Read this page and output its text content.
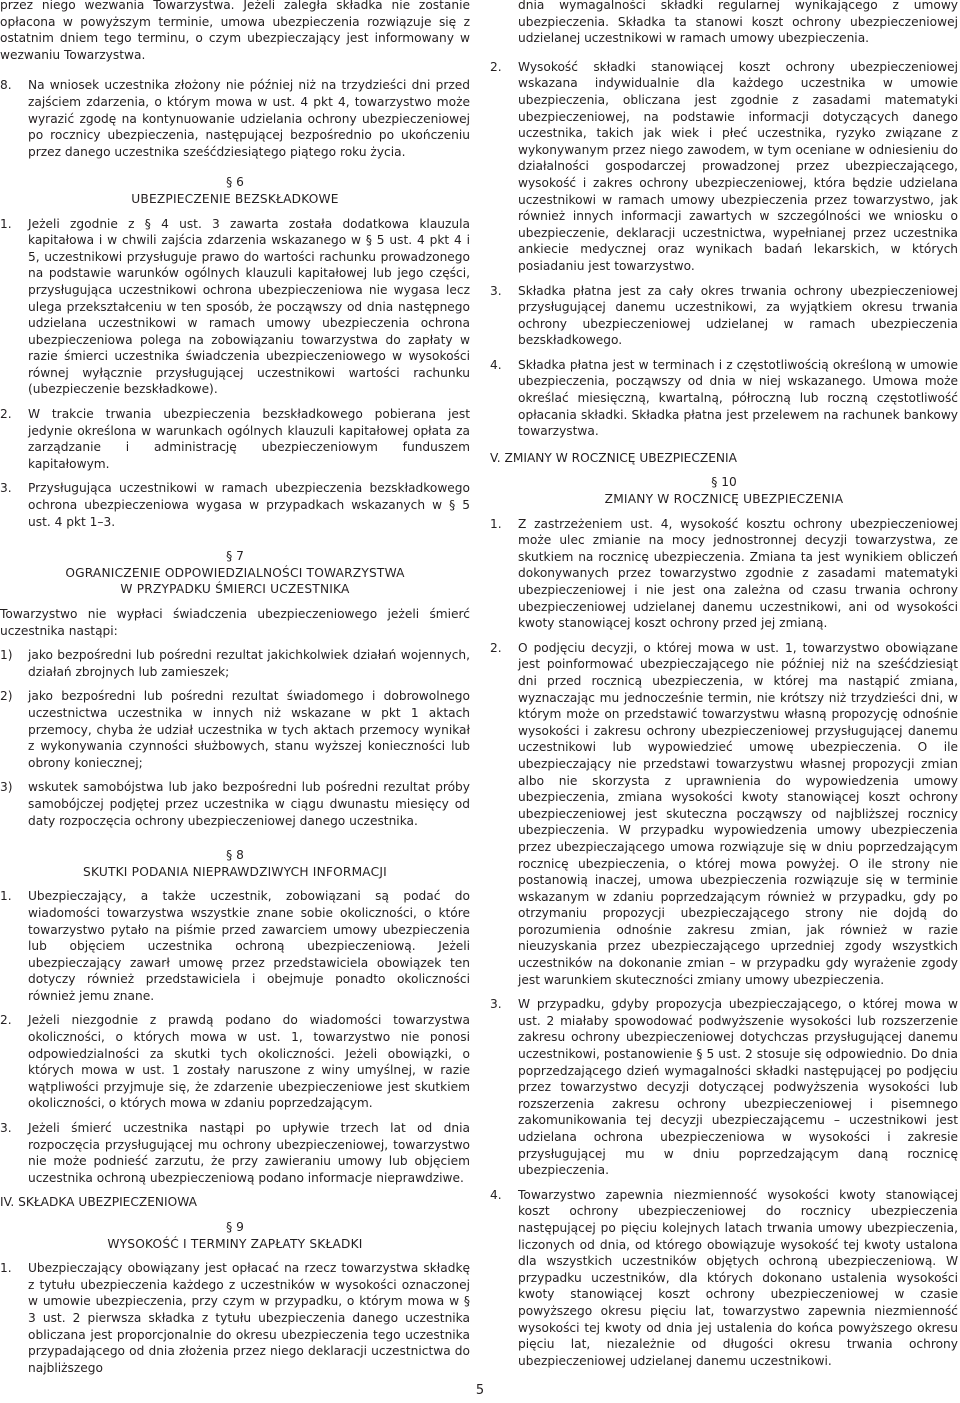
przez niego wezwania Towarzystwa. Jeżeli zaległa składka nie zostanie opłacona w powyższym terminie, umowa ubezpieczenia rozwiązuje się z ostatnim dniem tego terminu, o czym ubezpieczający jest informowany w wezwaniu Towarzystwa.

8.	Na wniosek uczestnika złożony nie później niż na trzydzieści dni przed zajściem zdarzenia, o którym mowa w ust. 4 pkt 4, towarzystwo może wyrazić zgodę na kontynuowanie udzielania ochrony ubezpieczeniowej po rocznicy ubezpieczenia, następującej bezpośrednio po ukończeniu przez danego uczestnika sześćdziesiątego piątego roku życia.

§ 6

UBEZPIECZENIE BEZSKŁADKOWE

1.	Jeżeli zgodnie z § 4 ust. 3 zawarta została dodatkowa klauzula kapitałowa i w chwili zajścia zdarzenia wskazanego w § 5 ust. 4 pkt 4 i 5, uczestnikowi przysługuje prawo do wartości rachunku prowadzonego na podstawie warunków ogólnych klauzuli kapitałowej lub jego części, przysługująca uczestnikowi ochrona ubezpieczeniowa nie wygasa lecz ulega przekształceniu w ten sposób, że począwszy od dnia następnego udzielana uczestnikowi w ramach umowy ubezpieczenia ochrona ubezpieczeniowa polega na zobowiązaniu towarzystwa do zapłaty w razie śmierci uczestnika świadczenia ubezpieczeniowego w wysokości równej wyłącznie przysługującej uczestnikowi wartości rachunku (ubezpieczenie bezskładkowe).
2.	W trakcie trwania ubezpieczenia bezskładkowego pobierana jest jedynie określona w warunkach ogólnych klauzuli kapitałowej opłata za zarządzanie i administrację ubezpieczeniowym funduszem kapitałowym.
3.	Przysługująca uczestnikowi w ramach ubezpieczenia bezskładkowego ochrona ubezpieczeniowa wygasa w przypadkach wskazanych w § 5 ust. 4 pkt 1–3.

§ 7

OGRANICZENIE ODPOWIEDZIALNOŚCI TOWARZYSTWA

W PRZYPADKU ŚMIERCI UCZESTNIKA

Towarzystwo nie wypłaci świadczenia ubezpieczeniowego jeżeli śmierć uczestnika nastąpi:

1)	jako bezpośredni lub pośredni rezultat jakichkolwiek działań wojennych, działań zbrojnych lub zamieszek;
2)	jako bezpośredni lub pośredni rezultat świadomego i dobrowolnego uczestnictwa uczestnika w innych niż wskazane w pkt 1 aktach przemocy, chyba że udział uczestnika w tych aktach przemocy wynikał z wykonywania czynności służbowych, stanu wyższej konieczności lub obrony koniecznej;
3)	wskutek samobójstwa lub jako bezpośredni lub pośredni rezultat próby samobójczej podjętej przez uczestnika w ciągu dwunastu miesięcy od daty rozpoczęcia ochrony ubezpieczeniowej danego uczestnika.

§ 8

SKUTKI PODANIA NIEPRAWDZIWYCH INFORMACJI

1.	Ubezpieczający, a także uczestnik, zobowiązani są podać do wiadomości towarzystwa wszystkie znane sobie okoliczności, o które towarzystwo pytało na piśmie przed zawarciem umowy ubezpieczenia lub objęciem uczestnika ochroną ubezpieczeniową. Jeżeli ubezpieczający zawarł umowę przez przedstawiciela obowiązek ten dotyczy również przedstawiciela i obejmuje ponadto okoliczności również jemu znane.
2.	Jeżeli niezgodnie z prawdą podano do wiadomości towarzystwa okoliczności, o których mowa w ust. 1, towarzystwo nie ponosi odpowiedzialności za skutki tych okoliczności. Jeżeli obowiązki, o których mowa w ust. 1 zostały naruszone z winy umyślnej, w razie wątpliwości przyjmuje się, że zdarzenie ubezpieczeniowe jest skutkiem okoliczności, o których mowa w zdaniu poprzedzającym.
3.	Jeżeli śmierć uczestnika nastąpi po upływie trzech lat od dnia rozpoczęcia przysługującej mu ochrony ubezpieczeniowej, towarzystwo nie może podnieść zarzutu, że przy zawieraniu umowy lub objęciem uczestnika ochroną ubezpieczeniową podano informacje nieprawdziwe.

IV. SKŁADKA UBEZPIECZENIOWA

§ 9

WYSOKOŚĆ I TERMINY ZAPŁATY SKŁADKI

1.	Ubezpieczający obowiązany jest opłacać na rzecz towarzystwa składkę z tytułu ubezpieczenia każdego z uczestników w wysokości oznaczonej w umowie ubezpieczenia, przy czym w przypadku, o którym mowa w § 3 ust. 2 pierwsza składka z tytułu ubezpieczenia danego uczestnika obliczana jest proporcjonalnie do okresu ubezpieczenia tego uczestnika przypadającego od dnia złożenia przez niego deklaracji uczestnictwa do najbliższego
dnia wymagalności składki regularnej wynikającego z umowy ubezpieczenia. Składka ta stanowi koszt ochrony ubezpieczeniowej udzielanej uczestnikowi w ramach umowy ubezpieczenia.
2.	Wysokość składki stanowiącej koszt ochrony ubezpieczeniowej wskazana indywidualnie dla każdego uczestnika w umowie ubezpieczenia, obliczana jest zgodnie z zasadami matematyki ubezpieczeniowej, na podstawie informacji dotyczących danego uczestnika, takich jak wiek i płeć uczestnika, ryzyko związane z wykonywanym przez niego zawodem, w tym oceniane w odniesieniu do działalności gospodarczej prowadzonej przez ubezpieczającego, wysokość i zakres ochrony ubezpieczeniowej, która będzie udzielana uczestnikowi w ramach umowy ubezpieczenia przez towarzystwo, jak również innych informacji zawartych w szczególności we wniosku o ubezpieczenie, deklaracji uczestnictwa, wypełnianej przez uczestnika ankiecie medycznej oraz wynikach badań lekarskich, w których posiadaniu jest towarzystwo.
3.	Składka płatna jest za cały okres trwania ochrony ubezpieczeniowej przysługującej danemu uczestnikowi, za wyjątkiem okresu trwania ochrony ubezpieczeniowej udzielanej w ramach ubezpieczenia bezskładkowego.
4.	Składka płatna jest w terminach i z częstotliwością określoną w umowie ubezpieczenia, począwszy od dnia w niej wskazanego. Umowa może określać miesięczną, kwartalną, półroczną lub roczną częstotliwość opłacania składki. Składka płatna jest przelewem na rachunek bankowy towarzystwa.

V. ZMIANY W ROCZNICĘ UBEZPIECZENIA

§ 10

ZMIANY W ROCZNICĘ UBEZPIECZENIA

1.	Z zastrzeżeniem ust. 4, wysokość kosztu ochrony ubezpieczeniowej może ulec zmianie na mocy jednostronnej decyzji towarzystwa, ze skutkiem na rocznicę ubezpieczenia. Zmiana ta jest wynikiem obliczeń dokonywanych przez towarzystwo zgodnie z zasadami matematyki ubezpieczeniowej i nie jest ona zależna od czasu trwania ochrony ubezpieczeniowej udzielanej danemu uczestnikowi, ani od wysokości kwoty stanowiącej koszt ochrony przed jej zmianą.
2.	O podjęciu decyzji, o której mowa w ust. 1, towarzystwo obowiązane jest poinformować ubezpieczającego nie później niż na sześćdziesiąt dni przed rocznicą ubezpieczenia, w której ma nastąpić zmiana, wyznaczając mu jednocześnie termin, nie krótszy niż trzydzieści dni, w którym może on przedstawić towarzystwu własną propozycję odnośnie wysokości i zakresu ochrony ubezpieczeniowej przysługującej danemu uczestnikowi lub wypowiedzieć umowę ubezpieczenia. O ile ubezpieczający nie przedstawi towarzystwu własnej propozycji zmian albo nie skorzysta z uprawnienia do wypowiedzenia umowy ubezpieczenia, zmiana wysokości kwoty stanowiącej koszt ochrony ubezpieczeniowej jest skuteczna począwszy od najbliższej rocznicy ubezpieczenia. W przypadku wypowiedzenia umowy ubezpieczenia przez ubezpieczającego umowa rozwiązuje się w dniu poprzedzającym rocznicę ubezpieczenia, o której mowa powyżej. O ile strony nie postanowią inaczej, umowa ubezpieczenia rozwiązuje się w terminie wskazanym w zdaniu poprzedzającym również w przypadku, gdy po otrzymaniu propozycji ubezpieczającego strony nie dojdą do porozumienia odnośnie zakresu zmian, jak również w razie nieuzyskania przez ubezpieczającego uprzedniej zgody wszystkich uczestników na dokonanie zmian – w przypadku gdy wyrażenie zgody jest warunkiem skuteczności zmiany umowy ubezpieczenia.
3.	W przypadku, gdyby propozycja ubezpieczającego, o której mowa w ust. 2 miałaby spowodować podwyższenie wysokości lub rozszerzenie zakresu ochrony ubezpieczeniowej dotychczas przysługującej danemu uczestnikowi, postanowienie § 5 ust. 2 stosuje się odpowiednio. Do dnia poprzedzającego dzień wymagalności składki następującej po podjęciu przez towarzystwo decyzji dotyczącej podwyższenia wysokości lub rozszerzenia zakresu ochrony ubezpieczeniowej i pisemnego zakomunikowania tej decyzji ubezpieczającemu – uczestnikowi jest udzielana ochrona ubezpieczeniowa w wysokości i zakresie przysługującej mu w dniu poprzedzającym daną rocznicę ubezpieczenia.
4.	Towarzystwo zapewnia niezmienność wysokości kwoty stanowiącej koszt ochrony ubezpieczeniowej do rocznicy ubezpieczenia następującej po pięciu kolejnych latach trwania umowy ubezpieczenia, liczonych od dnia, od którego obowiązuje wysokość tej kwoty ustalona dla wszystkich uczestników objętych ochroną ubezpieczeniową. W przypadku uczestników, dla których dokonano ustalenia wysokości kwoty stanowiącej koszt ochrony ubezpieczeniowej w czasie powyższego okresu pięciu lat, towarzystwo zapewnia niezmienność wysokości tej kwoty od dnia jej ustalenia do końca powyższego okresu pięciu lat, niezależnie od długości okresu trwania ochrony ubezpieczeniowej udzielanej danemu uczestnikowi.
5
